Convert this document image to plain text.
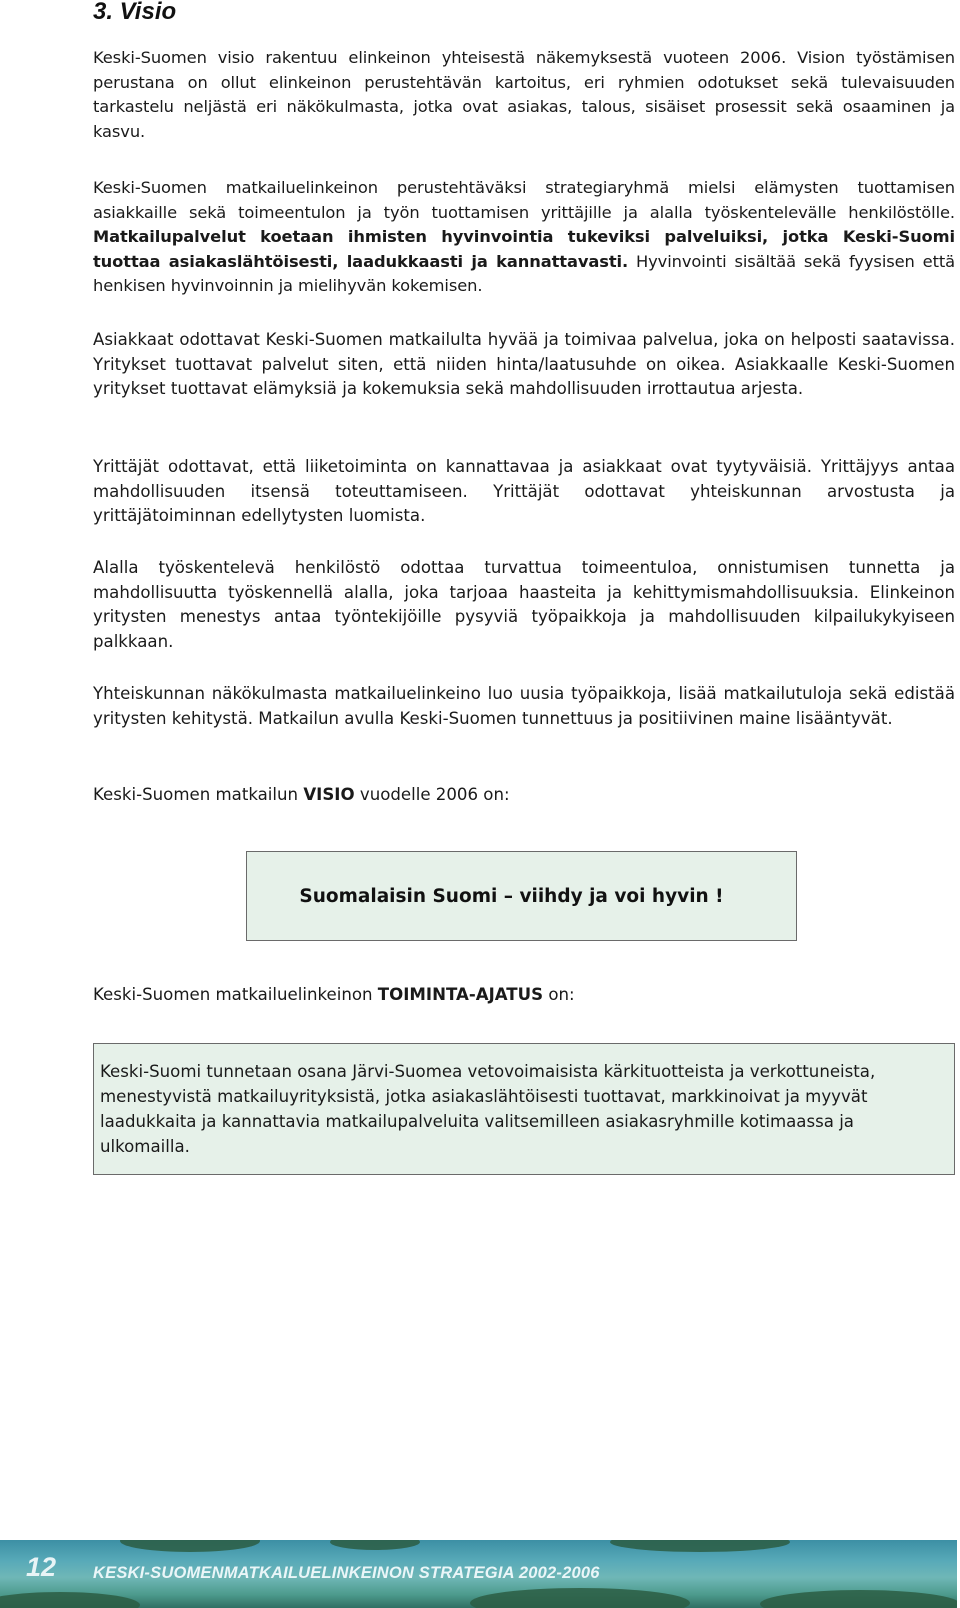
3. Visio

Keski-Suomen visio rakentuu elinkeinon yhteisestä näkemyksestä vuoteen 2006. Vision työstämisen perustana on ollut elinkeinon perustehtävän kartoitus, eri ryhmien odotukset sekä tulevaisuuden tarkastelu neljästä eri näkökulmasta, jotka ovat asiakas, talous, sisäiset prosessit sekä osaaminen ja kasvu.

Keski-Suomen matkailuelinkeinon perustehtäväksi strategiaryhmä mielsi elämysten tuottamisen asiakkaille sekä toimeentulon ja työn tuottamisen yrittäjille ja alalla työskentelevälle henkilöstölle. Matkailupalvelut koetaan ihmisten hyvinvointia tukeviksi palveluiksi, jotka Keski-Suomi tuottaa asiakaslähtöisesti, laadukkaasti ja kannattavasti. Hyvinvointi sisältää sekä fyysisen että henkisen hyvinvoinnin ja mielihyvän kokemisen.

Asiakkaat odottavat Keski-Suomen matkailulta hyvää ja toimivaa palvelua, joka on helposti saatavissa. Yritykset tuottavat palvelut siten, että niiden hinta/laatusuhde on oikea. Asiakkaalle Keski-Suomen yritykset tuottavat elämyksiä ja kokemuksia sekä mahdollisuuden irrottautua arjesta.

Yrittäjät odottavat, että liiketoiminta on kannattavaa ja asiakkaat ovat tyytyväisiä. Yrittäjyys antaa mahdollisuuden itsensä toteuttamiseen. Yrittäjät odottavat yhteiskunnan arvostusta ja yrittäjätoiminnan edellytysten luomista.

Alalla työskentelevä henkilöstö odottaa turvattua toimeentuloa, onnistumisen tunnetta ja mahdollisuutta työskennellä alalla, joka tarjoaa haasteita ja kehittymismahdollisuuksia. Elinkeinon yritysten menestys antaa työntekijöille pysyviä työpaikkoja ja mahdollisuuden kilpailukykyiseen palkkaan.

Yhteiskunnan näkökulmasta matkailuelinkeino luo uusia työpaikkoja, lisää matkailutuloja sekä edistää yritysten kehitystä. Matkailun avulla Keski-Suomen tunnettuus ja positiivinen maine lisääntyvät.

Keski-Suomen matkailun VISIO vuodelle 2006 on:

Suomalaisin Suomi – viihdy ja voi hyvin !

Keski-Suomen matkailuelinkeinon TOIMINTA-AJATUS on:

Keski-Suomi tunnetaan osana Järvi-Suomea vetovoimaisista kärkituotteista ja verkottuneista, menestyvistä matkailuyrityksistä, jotka asiakaslähtöisesti tuottavat, markkinoivat ja myyvät laadukkaita ja kannattavia matkailupalveluita valitsemilleen asiakasryhmille kotimaassa ja ulkomailla.

12 KESKI-SUOMENMATKAILUELINKEINON STRATEGIA 2002-2006
